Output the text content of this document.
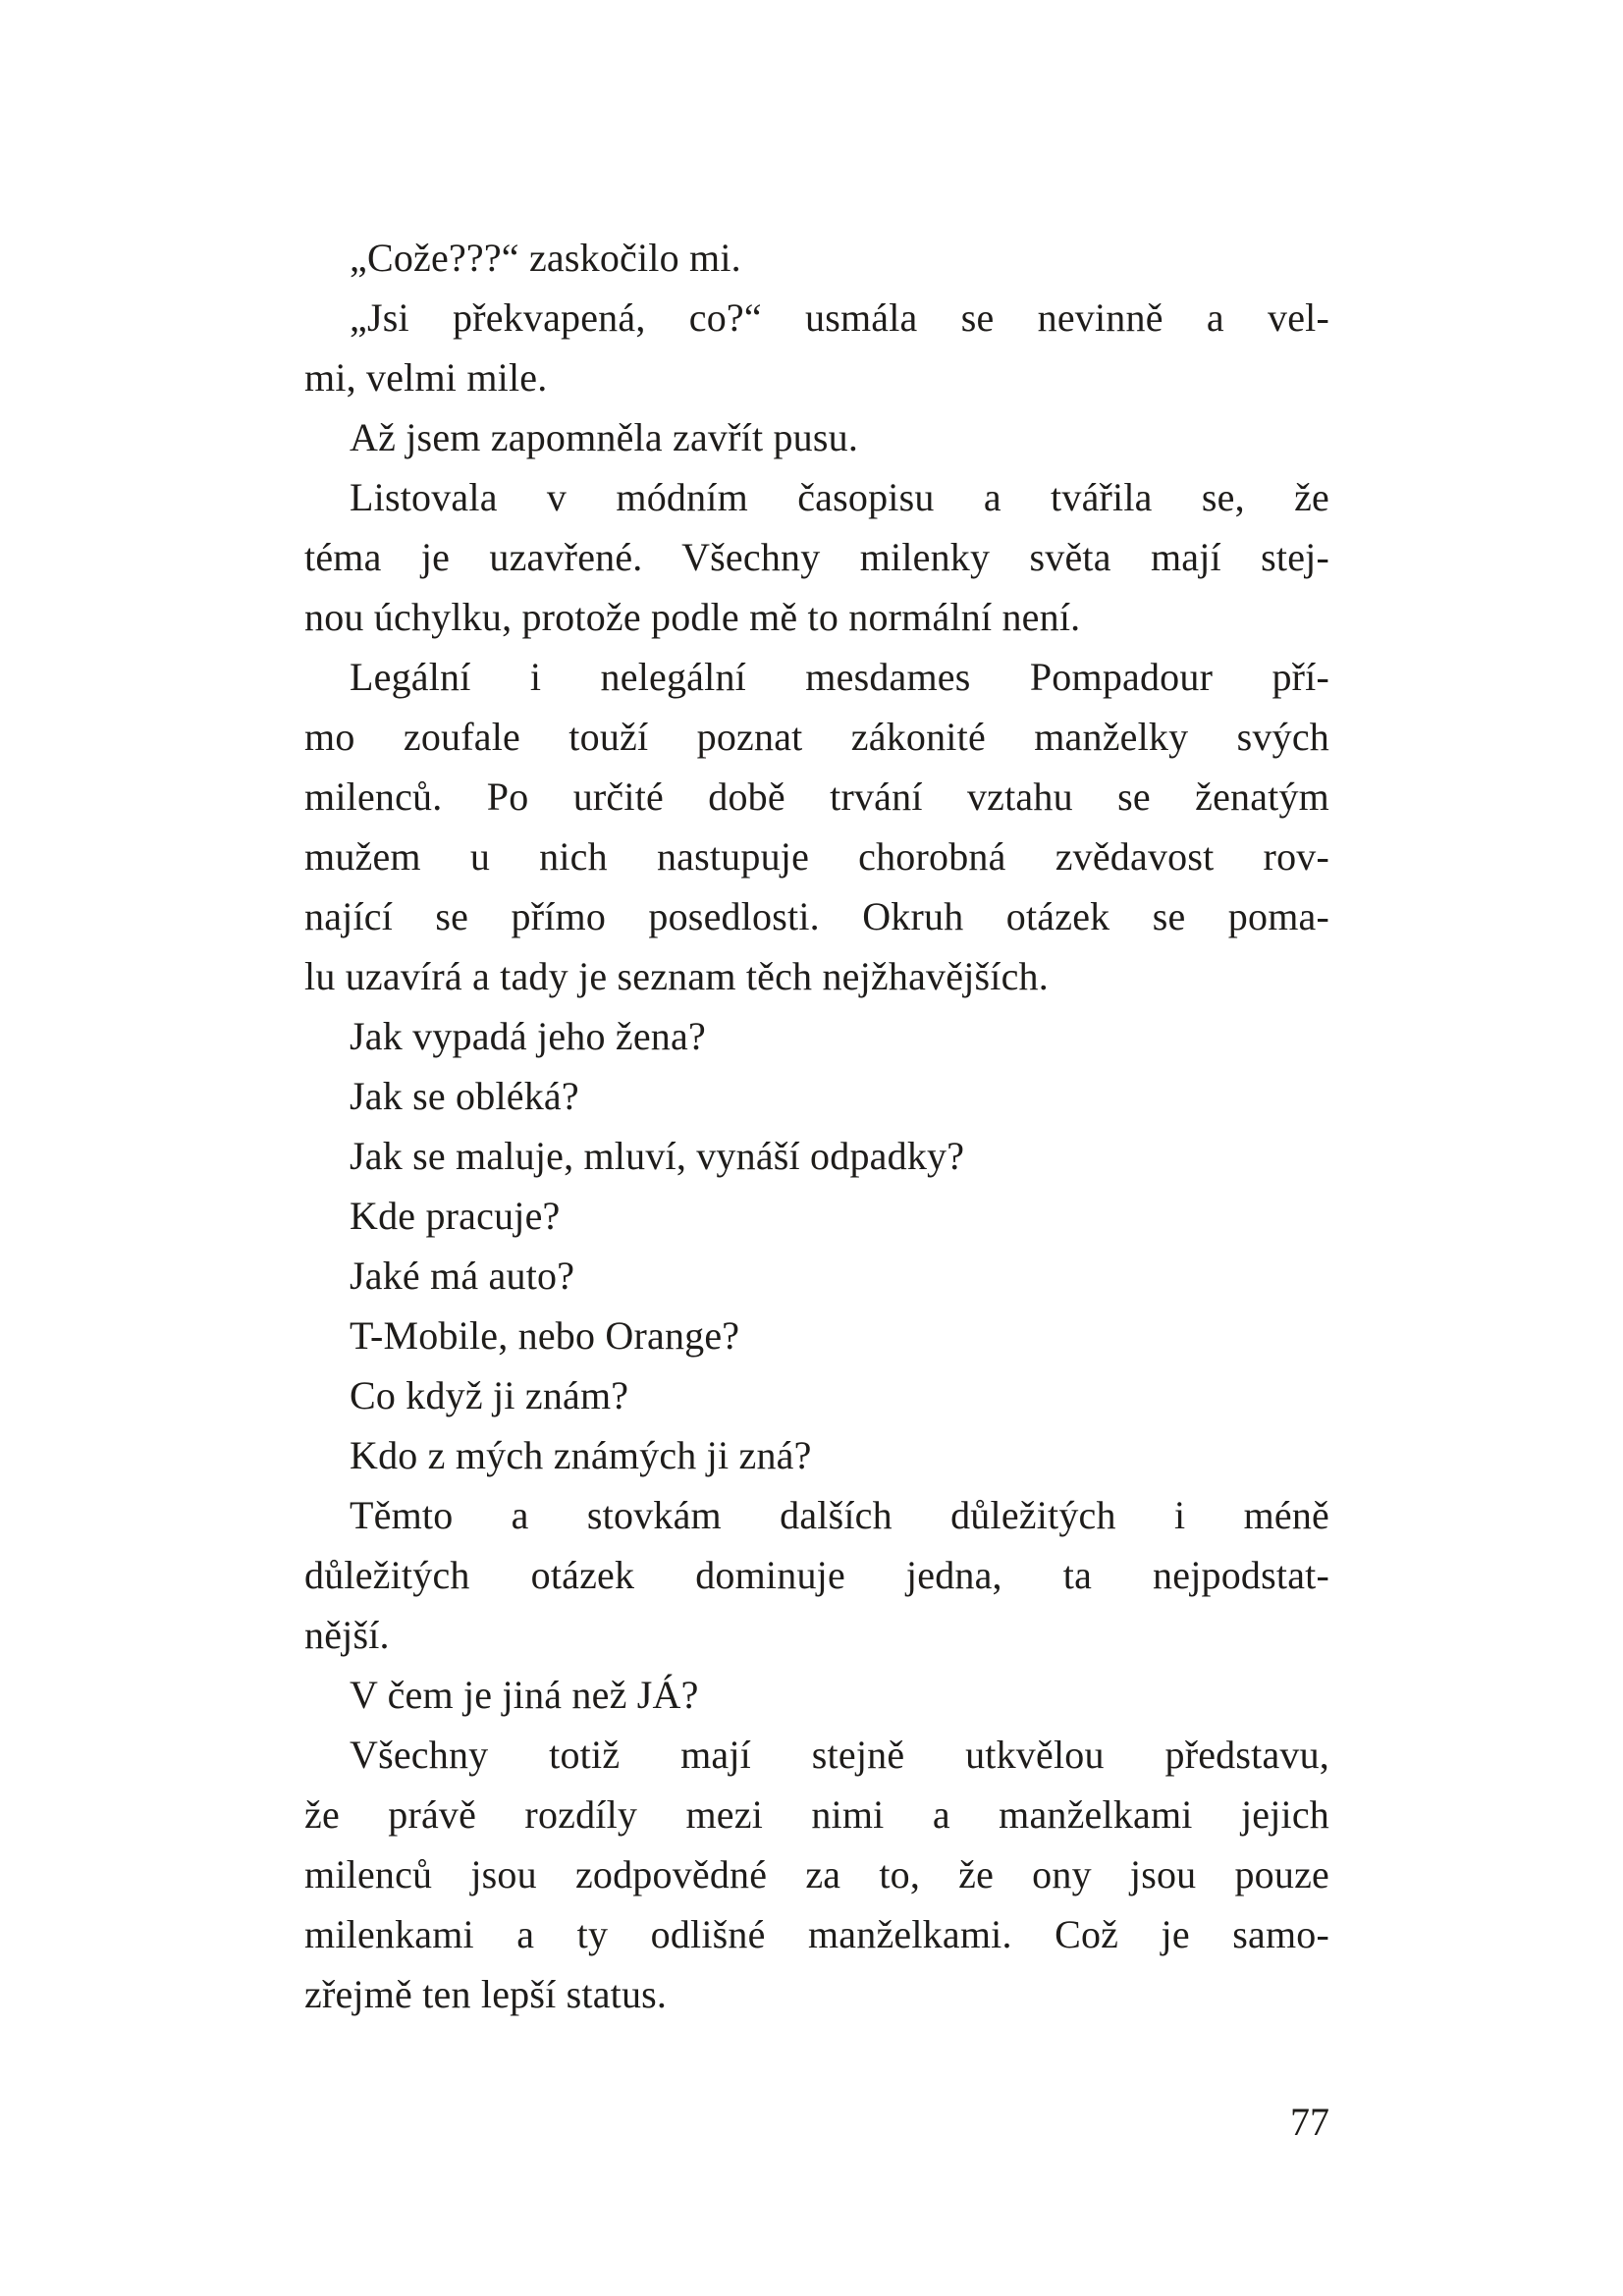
„Cože???“ zaskočilo mi.
„Jsi překvapená, co?“ usmála se nevinně a vel-
mi, velmi mile.
Až jsem zapomněla zavřít pusu.
Listovala v módním časopisu a tvářila se, že
téma je uzavřené. Všechny milenky světa mají stej-
nou úchylku, protože podle mě to normální není.
Legální i nelegální mesdames Pompadour pří-
mo zoufale touží poznat zákonité manželky svých
milenců. Po určité době trvání vztahu se ženatým
mužem u nich nastupuje chorobná zvědavost rov-
nající se přímo posedlosti. Okruh otázek se poma-
lu uzavírá a tady je seznam těch nejžhavějších.
Jak vypadá jeho žena?
Jak se obléká?
Jak se maluje, mluví, vynáší odpadky?
Kde pracuje?
Jaké má auto?
T-Mobile, nebo Orange?
Co když ji znám?
Kdo z mých známých ji zná?
Těmto a stovkám dalších důležitých i méně
důležitých otázek dominuje jedna, ta nejpodstat-
nější.
V čem je jiná než JÁ?
Všechny totiž mají stejně utkvělou představu,
že právě rozdíly mezi nimi a manželkami jejich
milenců jsou zodpovědné za to, že ony jsou pouze
milenkami a ty odlišné manželkami. Což je samo-
zřejmě ten lepší status.
77
